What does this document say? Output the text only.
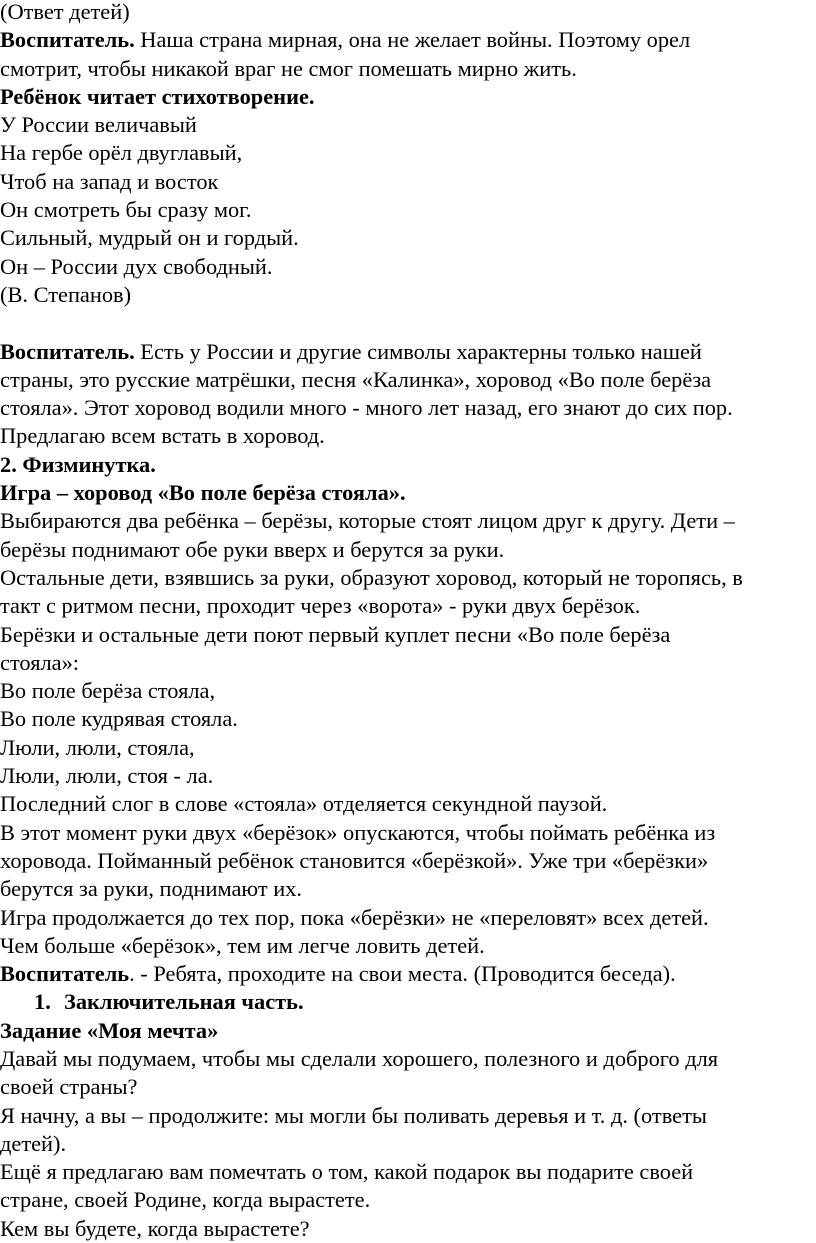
(Ответ детей)
Воспитатель. Наша страна мирная, она не желает войны. Поэтому орел
смотрит, чтобы никакой враг не смог помешать мирно жить.
Ребёнок читает стихотворение.
У России величавый
На гербе орёл двуглавый,
Чтоб на запад и восток
Он смотреть бы сразу мог.
Сильный, мудрый он и гордый.
Он – России дух свободный.
(В. Степанов)
Воспитатель. Есть у России и другие символы характерны только нашей
страны, это русские матрёшки, песня «Калинка», хоровод «Во поле берёза
стояла». Этот хоровод водили много - много лет назад, его знают до сих пор.
Предлагаю всем встать в хоровод.
2. Физминутка.
Игра – хоровод «Во поле берёза стояла».
Выбираются два ребёнка – берёзы, которые стоят лицом друг к другу. Дети –
берёзы поднимают обе руки вверх и берутся за руки.
Остальные дети, взявшись за руки, образуют хоровод, который не торопясь, в
такт с ритмом песни, проходит через «ворота» - руки двух берёзок.
Берёзки и остальные дети поют первый куплет песни «Во поле берёза
стояла»:
Во поле берёза стояла,
Во поле кудрявая стояла.
Люли, люли, стояла,
Люли, люли, стоя - ла.
Последний слог в слове «стояла» отделяется секундной паузой.
В этот момент руки двух «берёзок» опускаются, чтобы поймать ребёнка из
хоровода. Пойманный ребёнок становится «берёзкой». Уже три «берёзки»
берутся за руки, поднимают их.
Игра продолжается до тех пор, пока «берёзки» не «переловят» всех детей.
Чем больше «берёзок», тем им легче ловить детей.
Воспитатель. - Ребята, проходите на свои места. (Проводится беседа).
1. Заключительная часть.
Задание «Моя мечта»
Давай мы подумаем, чтобы мы сделали хорошего, полезного и доброго для
своей страны?
Я начну, а вы – продолжите: мы могли бы поливать деревья и т. д. (ответы
детей).
Ещё я предлагаю вам помечтать о том, какой подарок вы подарите своей
стране, своей Родине, когда вырастете.
Кем вы будете, когда вырастете?
